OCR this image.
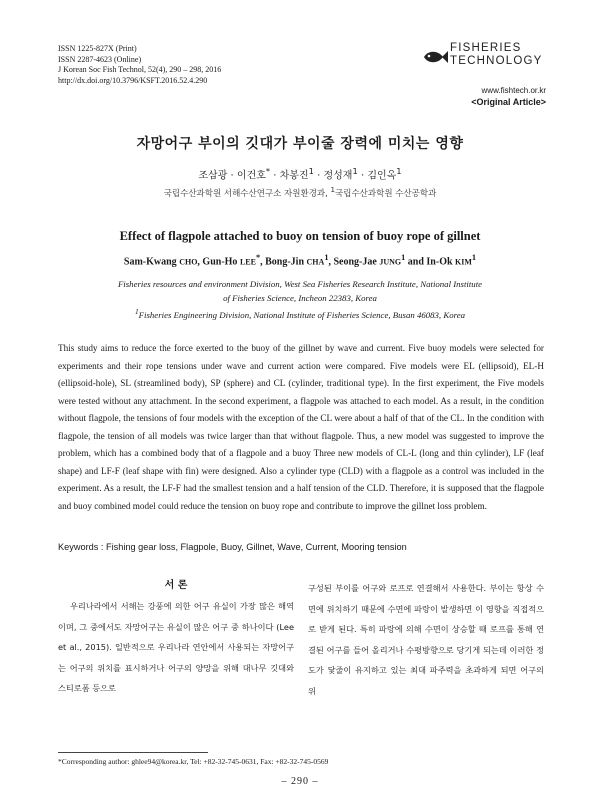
ISSN 1225-827X (Print)
ISSN 2287-4623 (Online)
J Korean Soc Fish Technol, 52(4), 290 – 298, 2016
http://dx.doi.org/10.3796/KSFT.2016.52.4.290
FISHERIES
TECHNOLOGY
www.fishtech.or.kr
<Original Article>
자망어구 부이의 깃대가 부이줄 장력에 미치는 영향
조삼광 · 이건호* · 차봉진$^1$ · 정성재$^1$ · 김인옥$^1$
국립수산과학원 서해수산연구소 자원환경과, $^1$국립수산과학원 수산공학과
Effect of flagpole attached to buoy on tension of buoy rope of gillnet
Sam-Kwang CHO, Gun-Ho LEE*, Bong-Jin CHA$^1$, Seong-Jae JUNG$^1$ and In-Ok KIM$^1$
Fisheries resources and environment Division, West Sea Fisheries Research Institute, National Institute
of Fisheries Science, Incheon 22383, Korea
$^1$Fisheries Engineering Division, National Institute of Fisheries Science, Busan 46083, Korea

This study aims to reduce the force exerted to the buoy of the gillnet by wave and current. Five buoy models were selected for experiments and their rope tensions under wave and current action were compared. Five models were EL (ellipsoid), EL-H (ellipsoid-hole), SL (streamlined body), SP (sphere) and CL (cylinder, traditional type). In the first experiment, the Five models were tested without any attachment. In the second experiment, a flagpole was attached to each model. As a result, in the condition without flagpole, the tensions of four models with the exception of the CL were about a half of that of the CL. In the condition with flagpole, the tension of all models was twice larger than that without flagpole. Thus, a new model was suggested to improve the problem, which has a combined body that of a flagpole and a buoy Three new models of CL-L (long and thin cylinder), LF (leaf shape) and LF-F (leaf shape with fin) were designed. Also a cylinder type (CLD) with a flagpole as a control was included in the experiment. As a result, the LF-F had the smallest tension and a half tension of the CLD. Therefore, it is supposed that the flagpole and buoy combined model could reduce the tension on buoy rope and contribute to improve the gillnet loss problem.

Keywords : Fishing gear loss, Flagpole, Buoy, Gillnet, Wave, Current, Mooring tension

서 론

우리나라에서 서해는 강풍에 의한 어구 유실이 가장 많은 해역이며, 그 중에서도 자망어구는 유실이 많은 어구 중 하나이다 (Lee et al., 2015). 일반적으로 우리나라 연안에서 사용되는 자망어구는 어구의 위치를 표시하거나 어구의 양망을 위해 대나무 깃대와 스티로폼 등으로

구성된 부이를 어구와 로프로 연결해서 사용한다. 부이는 항상 수면에 위치하기 때문에 수면에 파랑이 발생하면 이 영향을 직접적으로 받게 된다. 특히 파랑에 의해 수면이 상승할 때 로프를 통해 연결된 어구를 들어 올리거나 수평방향으로 당기게 되는데 이러한 정도가 닻줄이 유지하고 있는 최대 파주력을 초과하게 되면 어구의 위

*Corresponding author: ghlee94@korea.kr, Tel: +82-32-745-0631, Fax: +82-32-745-0569
– 290 –
